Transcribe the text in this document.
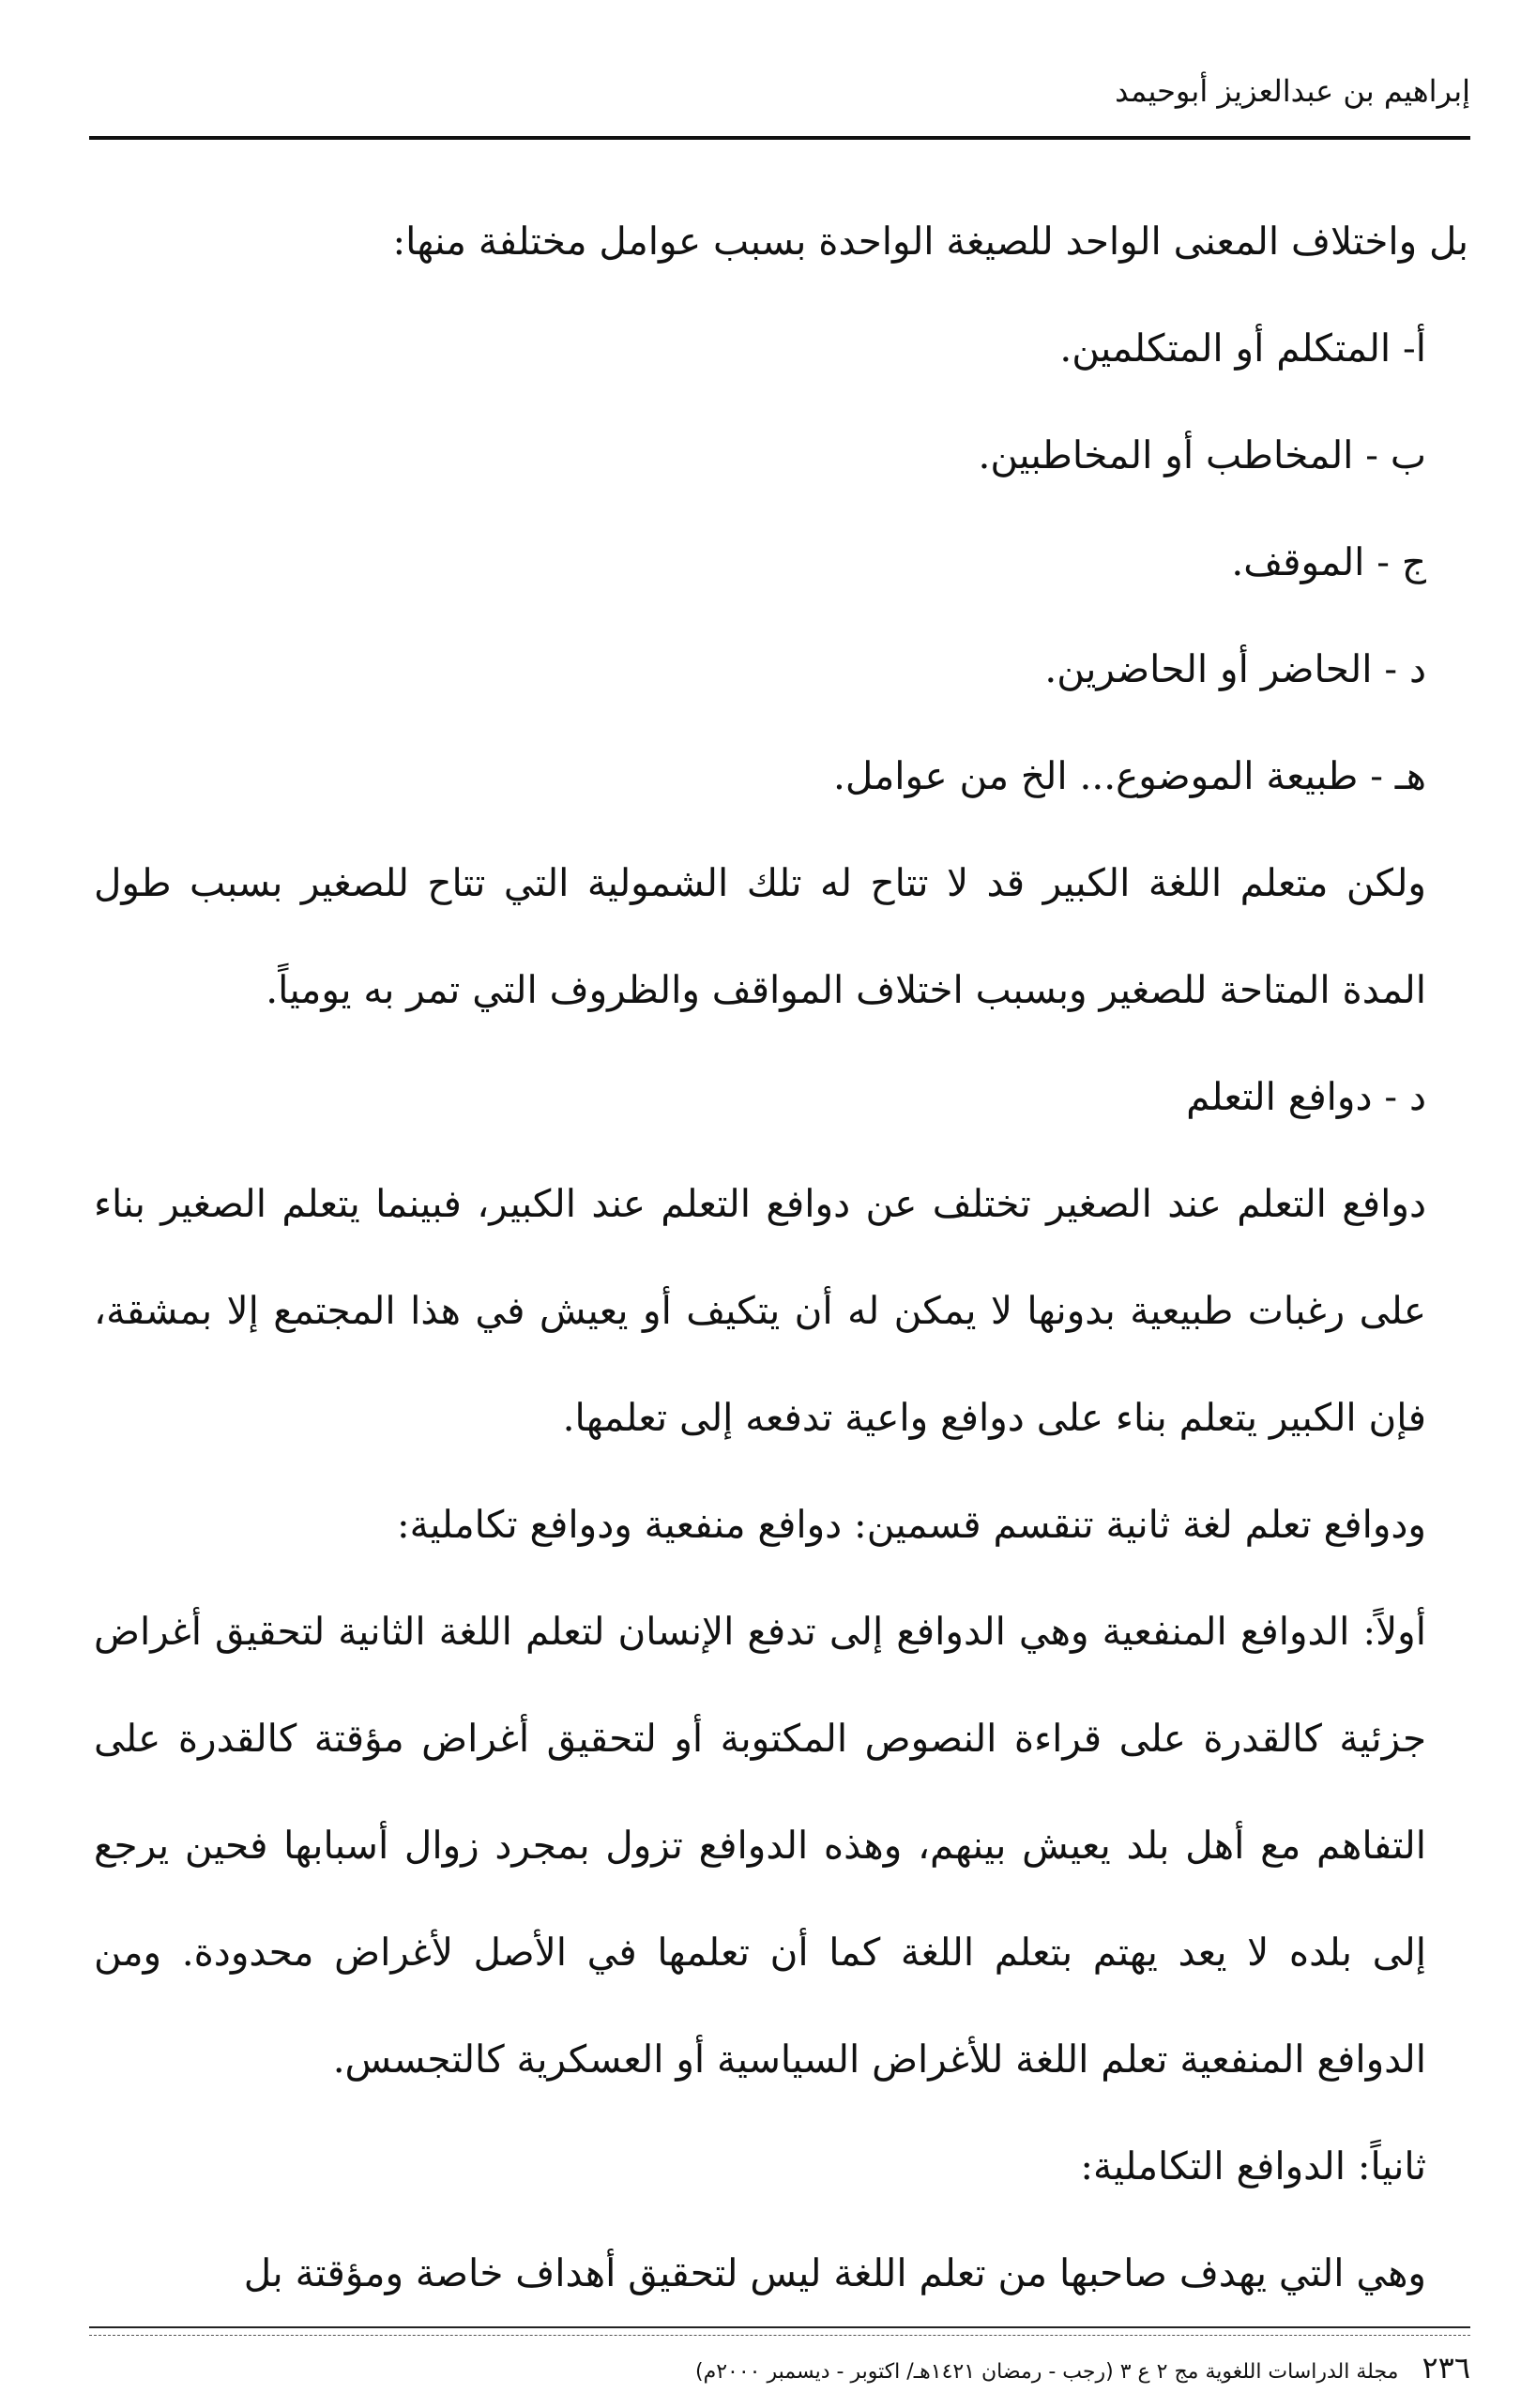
إبراهيم بن عبدالعزيز أبوحيمد

بل واختلاف المعنى الواحد للصيغة الواحدة بسبب عوامل مختلفة منها:

أ- المتكلم أو المتكلمين.

ب - المخاطب أو المخاطبين.

ج - الموقف.

د - الحاضر أو الحاضرين.

هـ - طبيعة الموضوع... الخ من عوامل.

ولكن متعلم اللغة الكبير قد لا تتاح له تلك الشمولية التي تتاح للصغير بسبب طول المدة المتاحة للصغير وبسبب اختلاف المواقف والظروف التي تمر به يومياً.

د - دوافع التعلم

دوافع التعلم عند الصغير تختلف عن دوافع التعلم عند الكبير، فبينما يتعلم الصغير بناء على رغبات طبيعية بدونها لا يمكن له أن يتكيف أو يعيش في هذا المجتمع إلا بمشقة، فإن الكبير يتعلم بناء على دوافع واعية تدفعه إلى تعلمها.

ودوافع تعلم لغة ثانية تنقسم قسمين: دوافع منفعية ودوافع تكاملية:

أولاً: الدوافع المنفعية وهي الدوافع إلى تدفع الإنسان لتعلم اللغة الثانية لتحقيق أغراض جزئية كالقدرة على قراءة النصوص المكتوبة أو لتحقيق أغراض مؤقتة كالقدرة على التفاهم مع أهل بلد يعيش بينهم، وهذه الدوافع تزول بمجرد زوال أسبابها فحين يرجع إلى بلده لا يعد يهتم بتعلم اللغة كما أن تعلمها في الأصل لأغراض محدودة. ومن الدوافع المنفعية تعلم اللغة للأغراض السياسية أو العسكرية كالتجسس.

ثانياً: الدوافع التكاملية:

وهي التي يهدف صاحبها من تعلم اللغة ليس لتحقيق أهداف خاصة ومؤقتة بل

٢٣٦ مجلة الدراسات اللغوية مج ٢ ع ٣ (رجب - رمضان ١٤٢١هـ/ اكتوبر - ديسمبر ٢٠٠٠م)
